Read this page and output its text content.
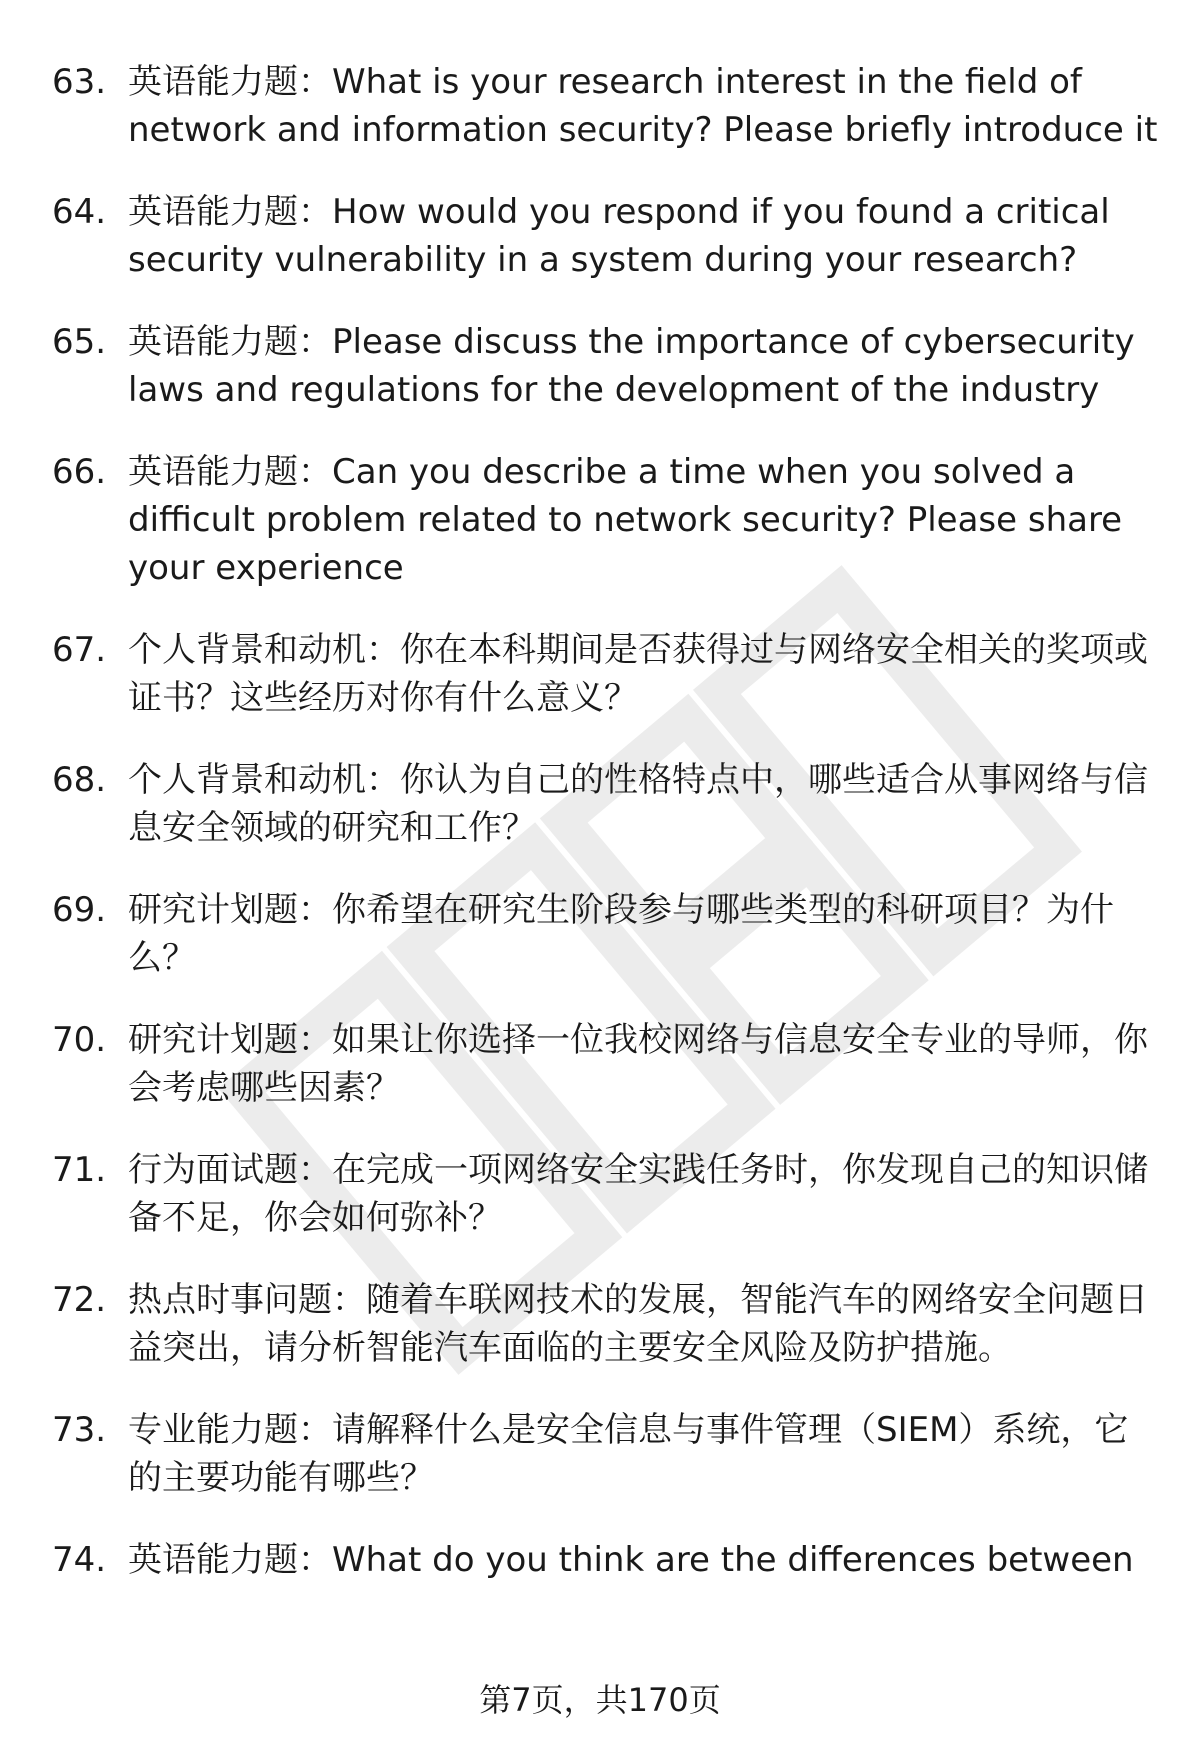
63. 英语能力题：What is your research interest in the field of network and information security? Please briefly introduce it
64. 英语能力题：How would you respond if you found a critical security vulnerability in a system during your research?
65. 英语能力题：Please discuss the importance of cybersecurity laws and regulations for the development of the industry
66. 英语能力题：Can you describe a time when you solved a difficult problem related to network security? Please share your experience
67. 个人背景和动机：你在本科期间是否获得过与网络安全相关的奖项或证书？这些经历对你有什么意义？
68. 个人背景和动机：你认为自己的性格特点中，哪些适合从事网络与信息安全领域的研究和工作？
69. 研究计划题：你希望在研究生阶段参与哪些类型的科研项目？为什么？
70. 研究计划题：如果让你选择一位我校网络与信息安全专业的导师，你会考虑哪些因素？
71. 行为面试题：在完成一项网络安全实践任务时，你发现自己的知识储备不足，你会如何弥补？
72. 热点时事问题：随着车联网技术的发展，智能汽车的网络安全问题日益突出，请分析智能汽车面临的主要安全风险及防护措施。
73. 专业能力题：请解释什么是安全信息与事件管理（SIEM）系统，它的主要功能有哪些？
74. 英语能力题：What do you think are the differences between
第7页，共170页
